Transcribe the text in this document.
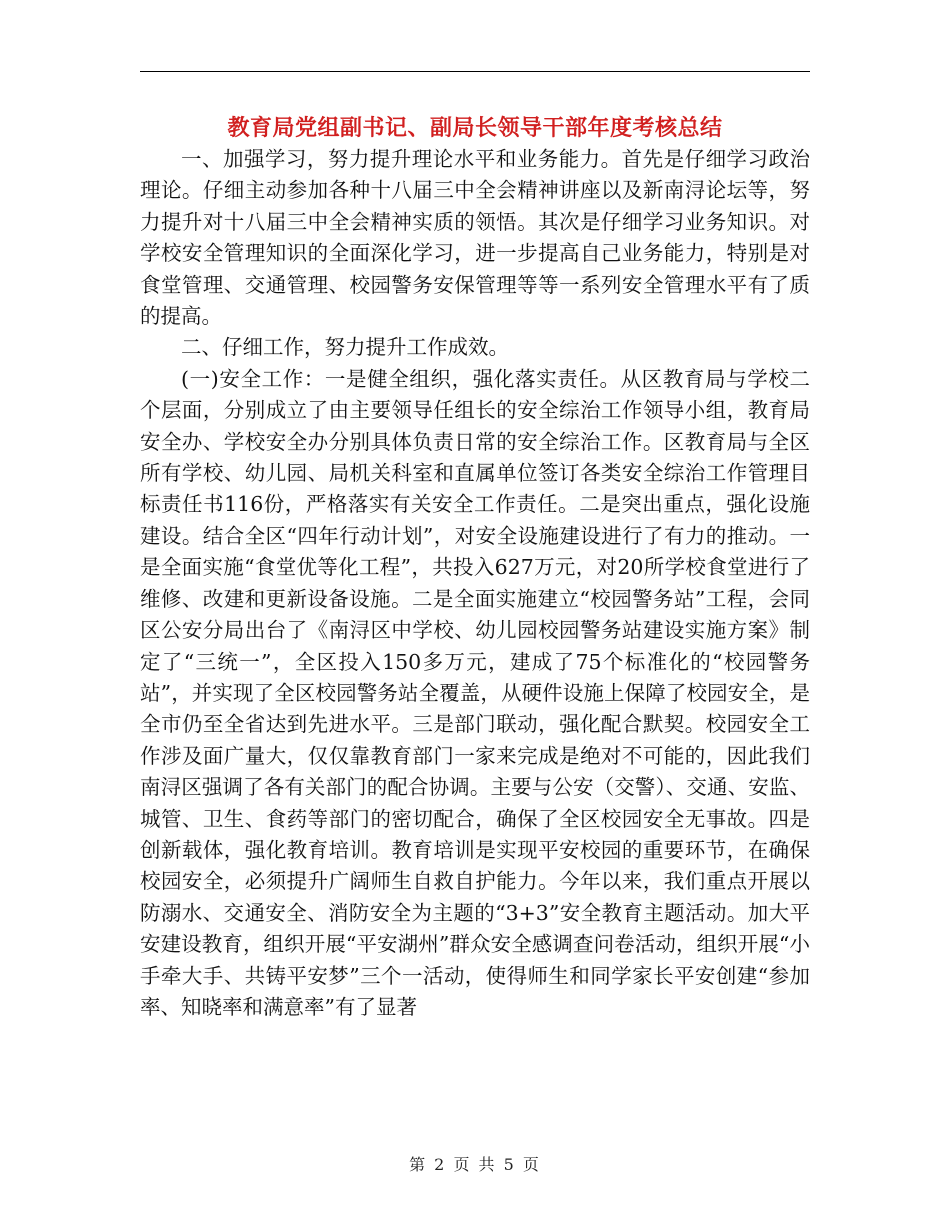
教育局党组副书记、副局长领导干部年度考核总结

一、加强学习，努力提升理论水平和业务能力。首先是仔细学习政治理论。仔细主动参加各种十八届三中全会精神讲座以及新南浔论坛等，努力提升对十八届三中全会精神实质的领悟。其次是仔细学习业务知识。对学校安全管理知识的全面深化学习，进一步提高自己业务能力，特别是对食堂管理、交通管理、校园警务安保管理等等一系列安全管理水平有了质的提高。

二、仔细工作，努力提升工作成效。

(一)安全工作：一是健全组织，强化落实责任。从区教育局与学校二个层面，分别成立了由主要领导任组长的安全综治工作领导小组，教育局安全办、学校安全办分别具体负责日常的安全综治工作。区教育局与全区所有学校、幼儿园、局机关科室和直属单位签订各类安全综治工作管理目标责任书116份，严格落实有关安全工作责任。二是突出重点，强化设施建设。结合全区“四年行动计划”，对安全设施建设进行了有力的推动。一是全面实施“食堂优等化工程”，共投入627万元，对20所学校食堂进行了维修、改建和更新设备设施。二是全面实施建立“校园警务站”工程，会同区公安分局出台了《南浔区中学校、幼儿园校园警务站建设实施方案》制定了“三统一”，全区投入150多万元，建成了75个标准化的“校园警务站”，并实现了全区校园警务站全覆盖，从硬件设施上保障了校园安全，是全市仍至全省达到先进水平。三是部门联动，强化配合默契。校园安全工作涉及面广量大，仅仅靠教育部门一家来完成是绝对不可能的，因此我们南浔区强调了各有关部门的配合协调。主要与公安（交警）、交通、安监、城管、卫生、食药等部门的密切配合，确保了全区校园安全无事故。四是创新载体，强化教育培训。教育培训是实现平安校园的重要环节，在确保校园安全，必须提升广阔师生自救自护能力。今年以来，我们重点开展以防溺水、交通安全、消防安全为主题的“3+3”安全教育主题活动。加大平安建设教育，组织开展“平安湖州”群众安全感调查问卷活动，组织开展“小手牵大手、共铸平安梦”三个一活动，使得师生和同学家长平安创建“参加率、知晓率和满意率”有了显著

第 2 页 共 5 页
